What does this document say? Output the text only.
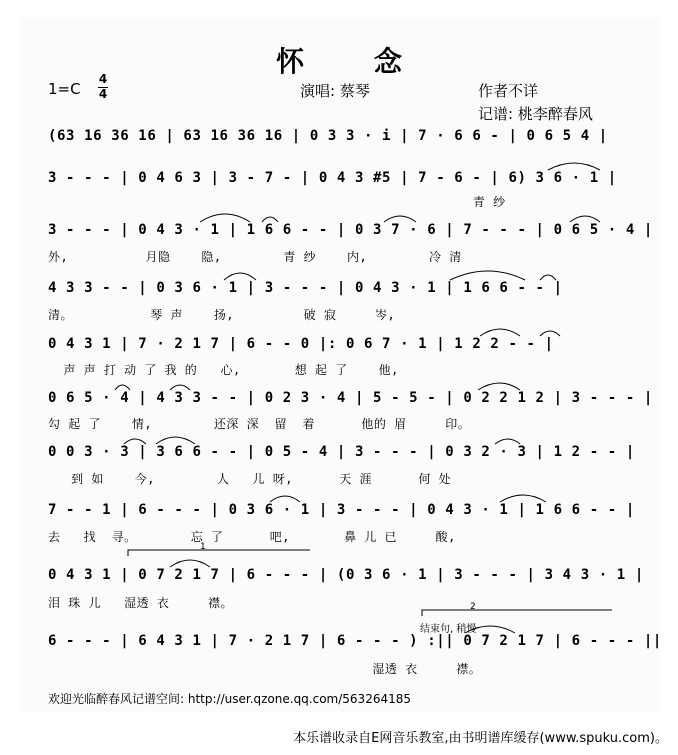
怀 念
1=C
4
4	演唱: 蔡琴	作者不详
记谱: 桃李醉春风
(63 16 36 16 | 63 16 36 16 | 0 3 3 · i | 7 · 6 6 - | 0 6 5 4 |
3 - - - | 0 4 6 3 | 3 - 7 - | 0 4 3 #5 | 7 - 6 - | 6) 3 6 · 1 |
青 纱
3 - - - | 0 4 3 · 1 | 1 6 6 - - | 0 3 7 · 6 | 7 - - - | 0 6 5 · 4 |
外,          月隐    隐,        青 纱    内,        冷 清
4 3 3 - - | 0 3 6 · 1 | 3 - - - | 0 4 3 · 1 | 1 6 6 - - |
清。          琴 声    扬,         破 寂     岑,
0 4 3 1 | 7 · 2 1 7 | 6 - - 0 |: 0 6 7 · 1 | 1 2 2 - - |
声 声 打 动 了 我 的   心,       想 起 了    他,
0 6 5 · 4 | 4 3 3 - - | 0 2 3 · 4 | 5 - 5 - | 0 2 2 1 2 | 3 - - - |
勾 起 了    情,        还深 深  留  着      他的 眉     印。
0 0 3 · 3 | 3 6 6 - - | 0 5 - 4 | 3 - - - | 0 3 2 · 3 | 1 2 - - |
到 如    今,        人   儿 呀,      天 涯      何 处
7 - - 1 | 6 - - - | 0 3 6 · 1 | 3 - - - | 0 4 3 · 1 | 1 6 6 - - |
去   找  寻。       忘 了      吧,       鼻 儿 已     酸,
0 4 3 1 | 0 7 2 1 7 | 6 - - - | (0 3 6 · 1 | 3 - - - | 3 4 3 · 1 |
泪 珠 儿   湿透 衣     襟。
6 - - - | 6 4 3 1 | 7 · 2 1 7 | 6 - - - ) :|| 0 7 2 1 7 | 6 - - - ||
湿透 衣     襟。
结束句, 稍慢
1
2
欢迎光临醉春风记谱空间: http://user.qzone.qq.com/563264185
本乐谱收录自E网音乐教室,由书明谱库缓存(www.spuku.com)。
